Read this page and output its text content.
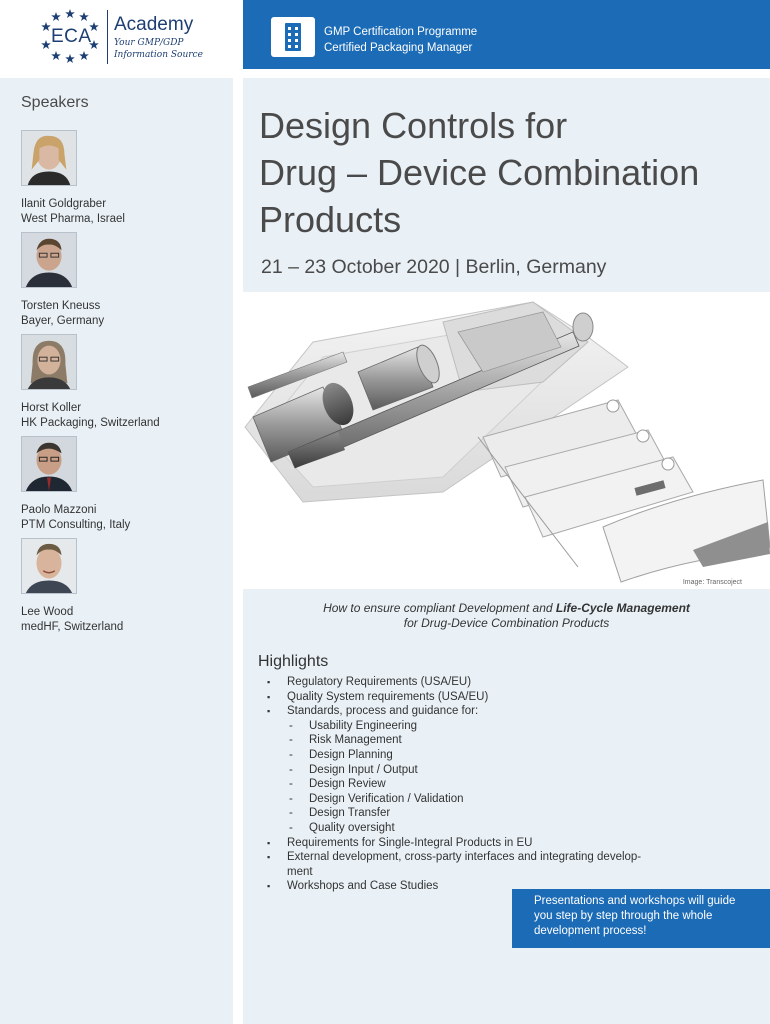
ECA
Academy
Your GMP/GDP
Information Source
GMP Certification Programme
Certified Packaging Manager
Speakers
Ilanit Goldgraber
West Pharma, Israel
Torsten Kneuss
Bayer, Germany
Horst Koller
HK Packaging, Switzerland
Paolo Mazzoni
PTM Consulting, Italy
Lee Wood
medHF, Switzerland
Design Controls for
Drug – Device Combination
Products
21 – 23 October 2020 | Berlin, Germany
Image: Transcoject
How to ensure compliant Development and Life-Cycle Management
for Drug-Device Combination Products
Highlights
▪ Regulatory Requirements (USA/EU)
▪ Quality System requirements (USA/EU)
▪ Standards, process and guidance for:
- Usability Engineering
- Risk Management
- Design Planning
- Design Input / Output
- Design Review
- Design Verification / Validation
- Design Transfer
- Quality oversight
▪ Requirements for Single-Integral Products in EU
▪ External development, cross-party interfaces and integrating develop-
ment
▪ Workshops and Case Studies
Presentations and workshops will guide
you step by step through the whole
development process!
